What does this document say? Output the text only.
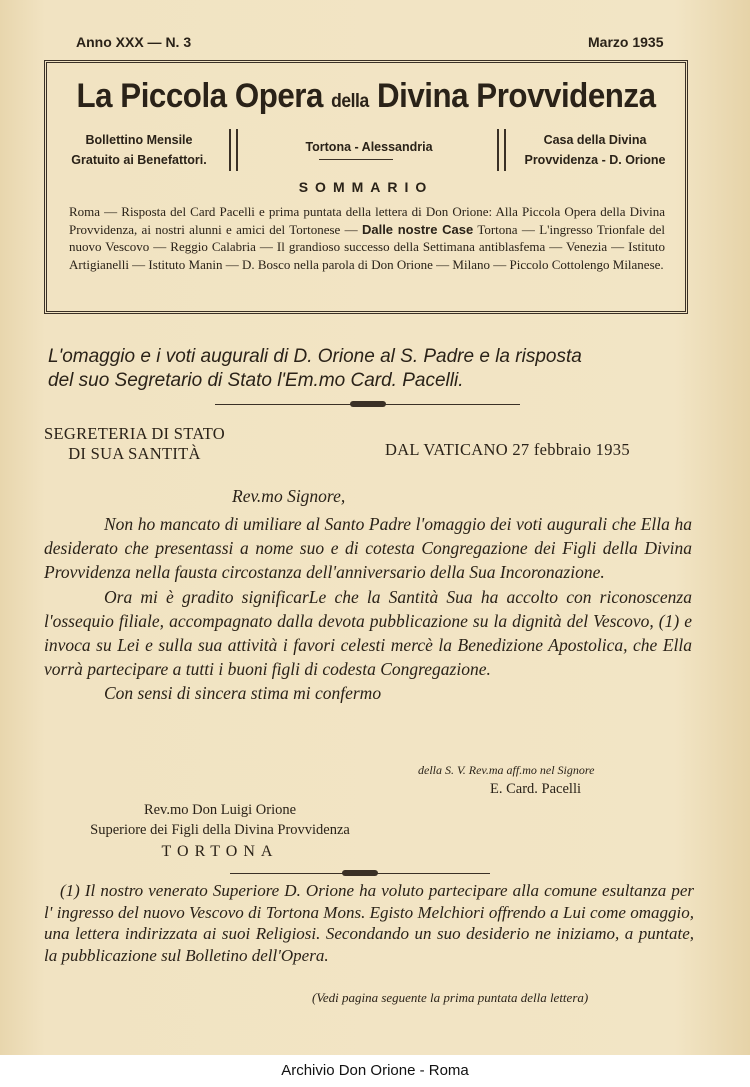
Anno XXX — N. 3	Marzo 1935
La Piccola Opera della Divina Provvidenza
Bollettino Mensile
Gratuito ai Benefattori.
Tortona - Alessandria	Casa della Divina
Provvidenza - D. Orione
SOMMARIO
Roma — Risposta del Card Pacelli e prima puntata della lettera di Don Orione: Alla Piccola Opera della Divina Provvidenza, ai nostri alunni e amici del Tortonese — Dalle nostre Case Tortona — L'ingresso Trionfale del nuovo Vescovo — Reggio Calabria — Il grandioso successo della Settimana antiblasfema — Venezia — Istituto Artigianelli — Istituto Manin — D. Bosco nella parola di Don Orione — Milano — Piccolo Cottolengo Milanese.
L'omaggio e i voti augurali di D. Orione al S. Padre e la risposta
del suo Segretario di Stato l'Em.mo Card. Pacelli.
SEGRETERIA DI STATO
DI SUA SANTITÀ	DAL VATICANO 27 febbraio 1935
Rev.mo Signore,

Non ho mancato di umiliare al Santo Padre l'omaggio dei voti augurali che Ella ha desiderato che presentassi a nome suo e di cotesta Congregazione dei Figli della Divina Provvidenza nella fausta circostanza dell'anniversario della Sua Incoronazione.

Ora mi è gradito significarLe che la Santità Sua ha accolto con riconoscenza l'ossequio filiale, accompagnato dalla devota pubblicazione su la dignità del Vescovo, (1) e invoca su Lei e sulla sua attività i favori celesti mercè la Benedizione Apostolica, che Ella vorrà partecipare a tutti i buoni figli di codesta Congregazione.

Con sensi di sincera stima mi confermo

della S. V. Rev.ma aff.mo nel Signore
E. Card. Pacelli
Rev.mo Don Luigi Orione
Superiore dei Figli della Divina Provvidenza
TORTONA
(1) Il nostro venerato Superiore D. Orione ha voluto partecipare alla comune esultanza per l' ingresso del nuovo Vescovo di Tortona Mons. Egisto Melchiori offrendo a Lui come omaggio, una lettera indirizzata ai suoi Religiosi. Secondando un suo desiderio ne iniziamo, a puntate, la pubblicazione sul Bolletino dell'Opera.
(Vedi pagina seguente la prima puntata della lettera)
Archivio Don Orione - Roma
